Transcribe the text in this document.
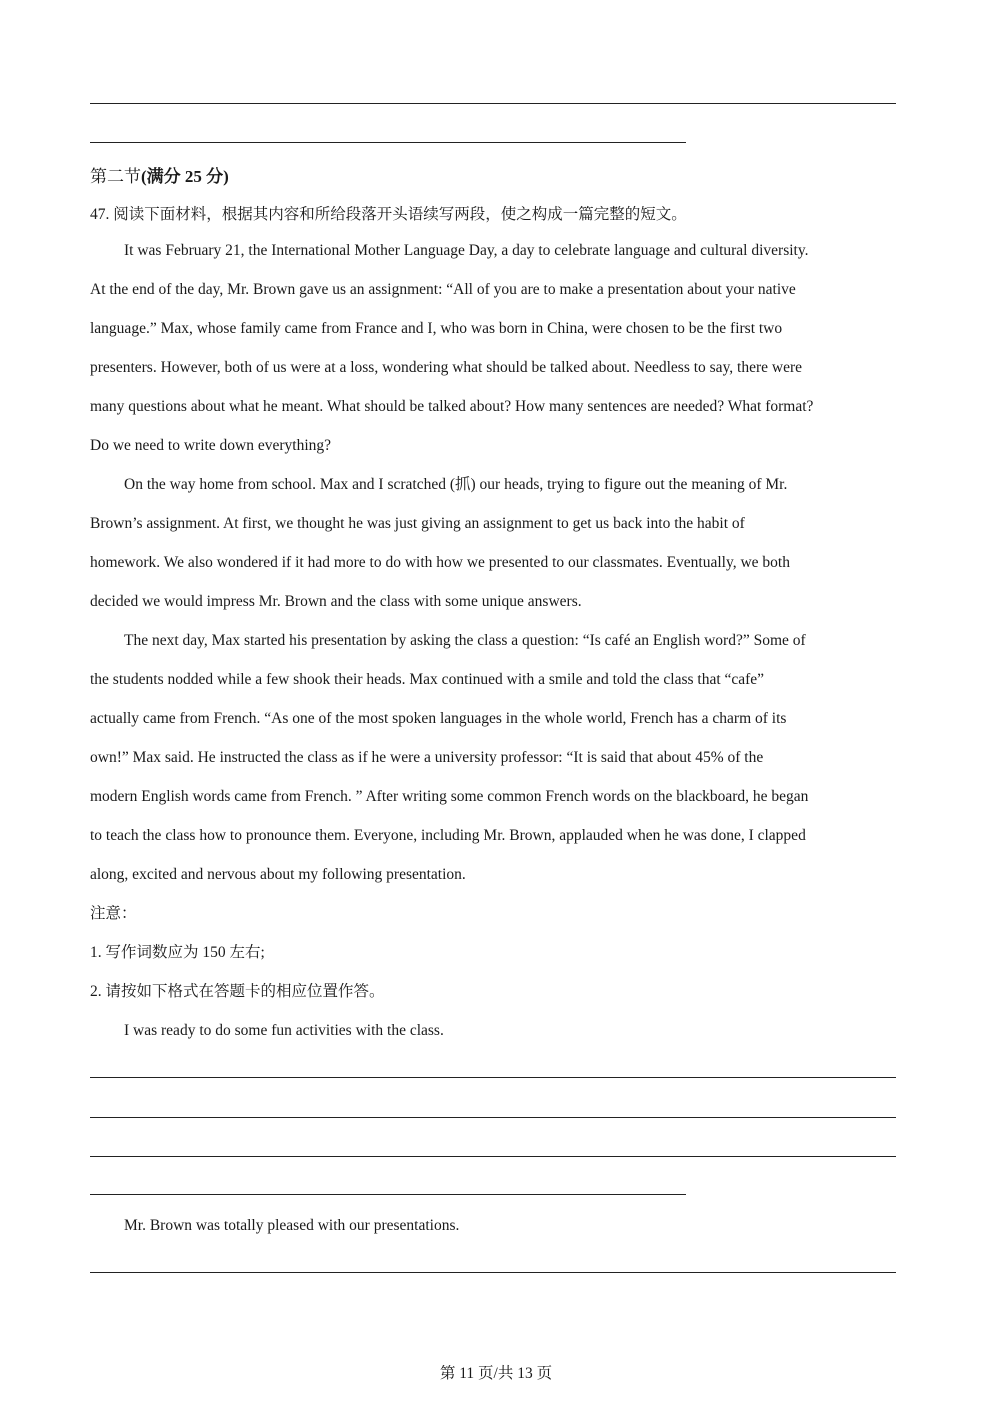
第二节(满分 25 分)
47. 阅读下面材料，根据其内容和所给段落开头语续写两段，使之构成一篇完整的短文。
It was February 21, the International Mother Language Day, a day to celebrate language and cultural diversity.
At the end of the day, Mr. Brown gave us an assignment: “All of you are to make a presentation about your native
language.” Max, whose family came from France and I, who was born in China, were chosen to be the first two
presenters. However, both of us were at a loss, wondering what should be talked about. Needless to say, there were
many questions about what he meant. What should be talked about? How many sentences are needed? What format?
Do we need to write down everything?
On the way home from school. Max and I scratched (抓) our heads, trying to figure out the meaning of Mr.
Brown’s assignment. At first, we thought he was just giving an assignment to get us back into the habit of
homework. We also wondered if it had more to do with how we presented to our classmates. Eventually, we both
decided we would impress Mr. Brown and the class with some unique answers.
The next day, Max started his presentation by asking the class a question: “Is café an English word?” Some of
the students nodded while a few shook their heads. Max continued with a smile and told the class that “cafe”
actually came from French. “As one of the most spoken languages in the whole world, French has a charm of its
own!” Max said. He instructed the class as if he were a university professor: “It is said that about 45% of the
modern English words came from French. ” After writing some common French words on the blackboard, he began
to teach the class how to pronounce them. Everyone, including Mr. Brown, applauded when he was done, I clapped
along, excited and nervous about my following presentation.
注意：
1. 写作词数应为 150 左右;
2. 请按如下格式在答题卡的相应位置作答。
I was ready to do some fun activities with the class.
Mr. Brown was totally pleased with our presentations.
第 11 页/共 13 页
